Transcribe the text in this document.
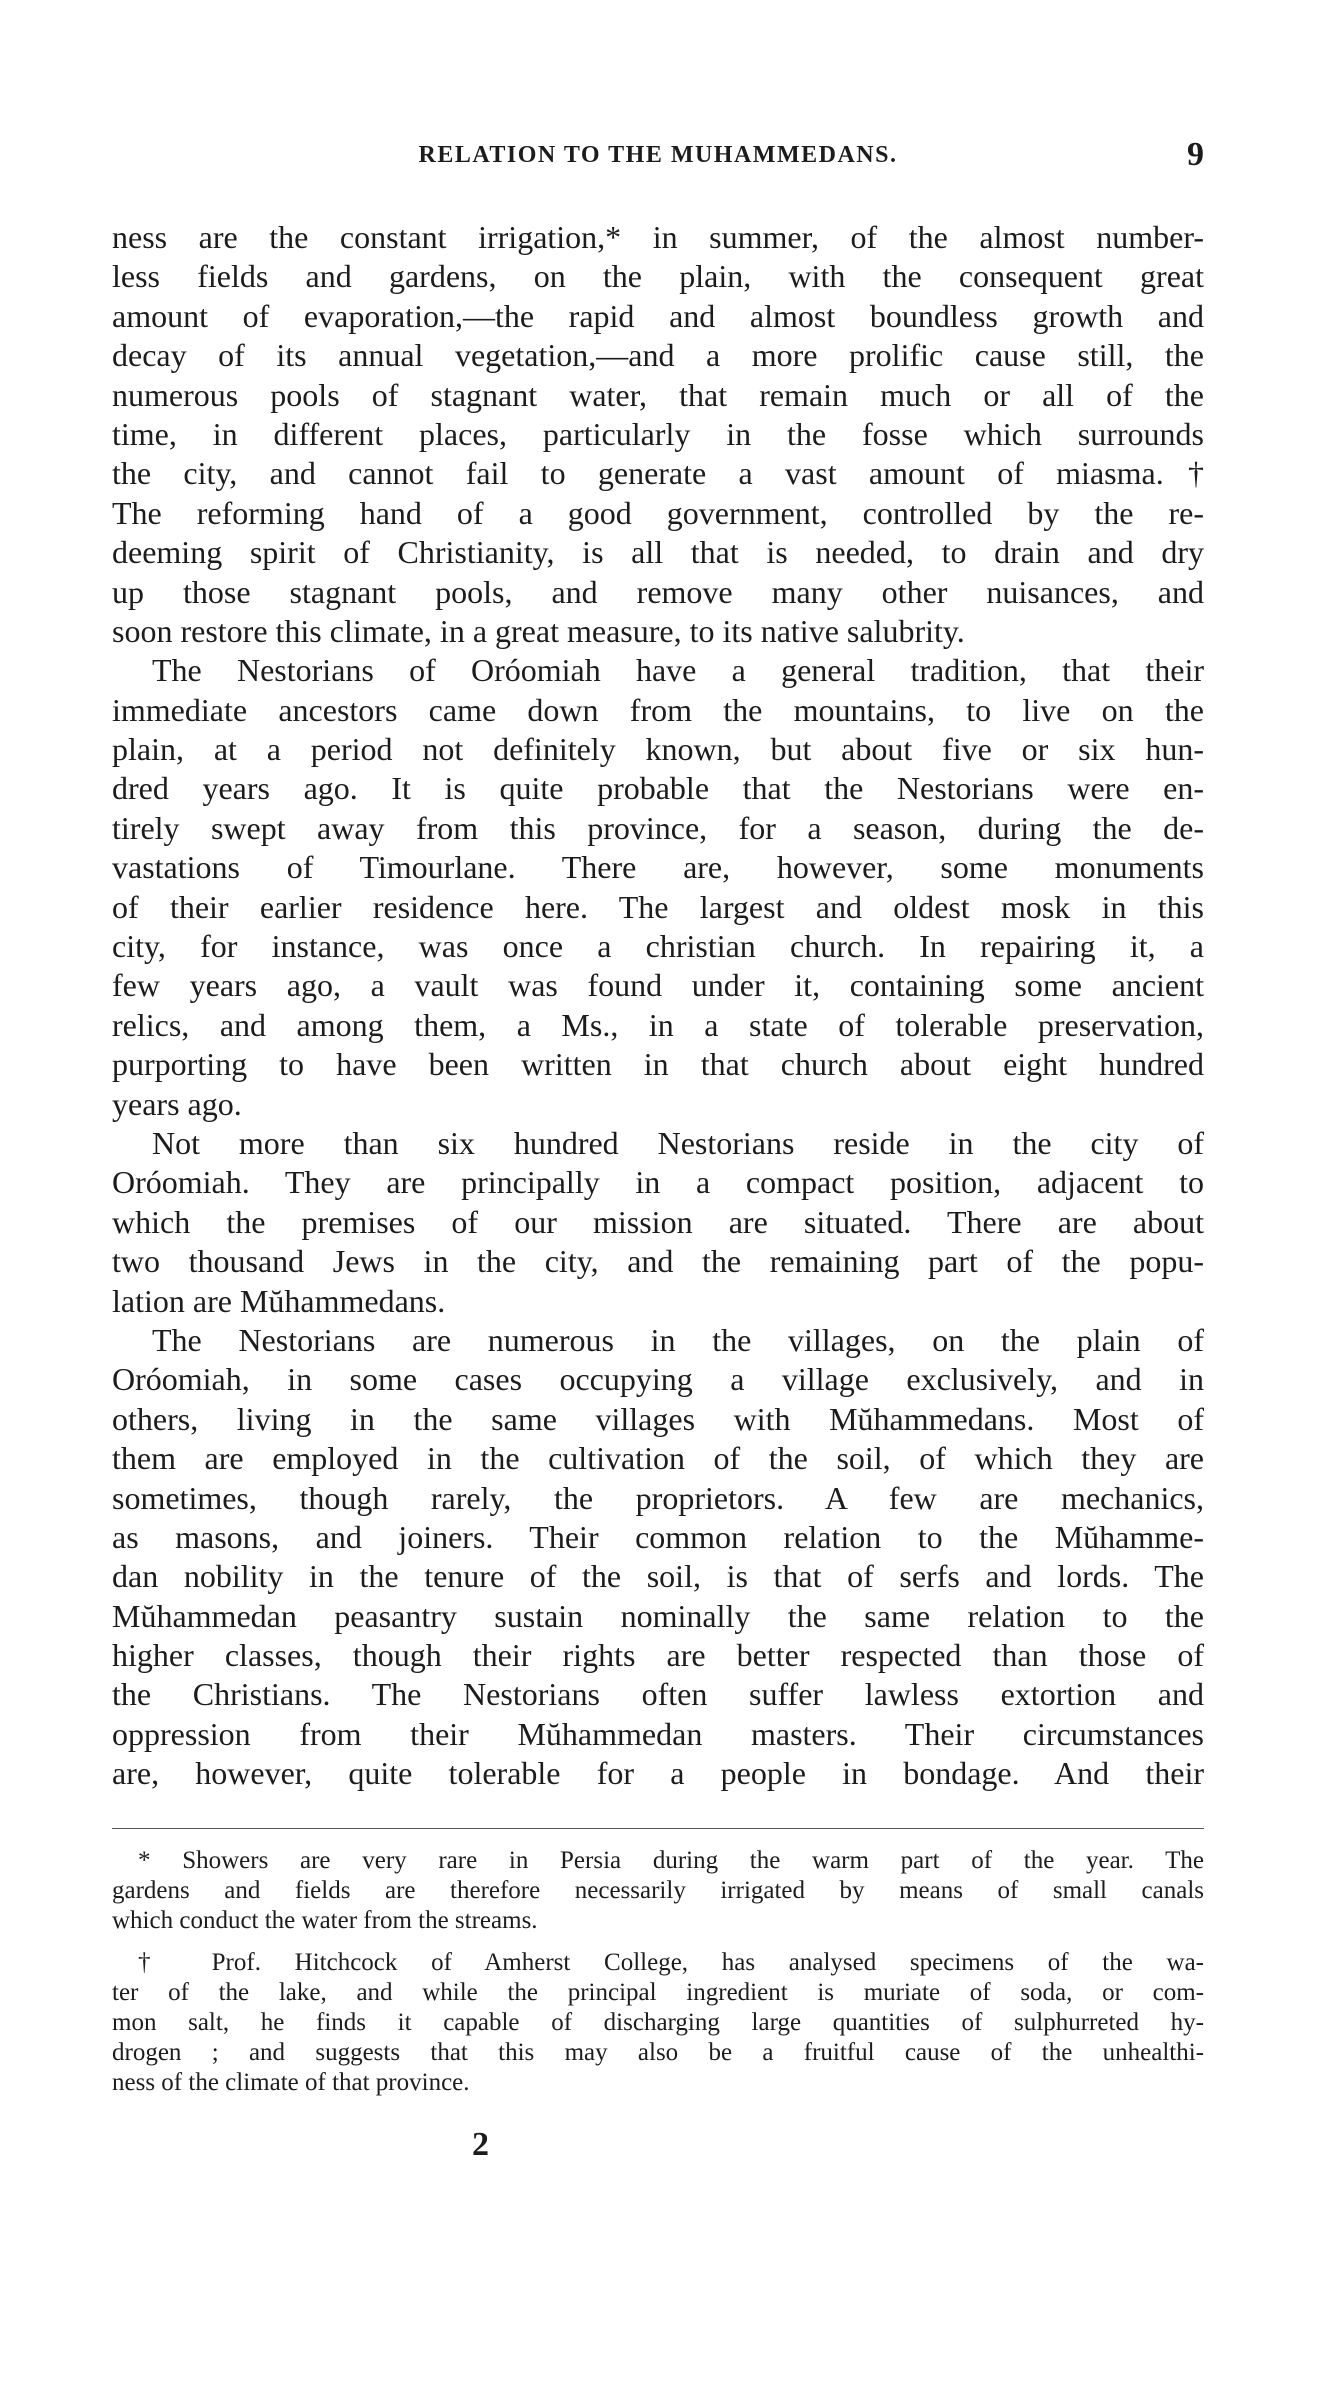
RELATION TO THE MUHAMMEDANS.	9
ness are the constant irrigation,* in summer, of the almost number-
less fields and gardens, on the plain, with the consequent great
amount of evaporation,—the rapid and almost boundless growth and
decay of its annual vegetation,—and a more prolific cause still, the
numerous pools of stagnant water, that remain much or all of the
time, in different places, particularly in the fosse which surrounds
the city, and cannot fail to generate a vast amount of miasma.†
The reforming hand of a good government, controlled by the re-
deeming spirit of Christianity, is all that is needed, to drain and dry
up those stagnant pools, and remove many other nuisances, and
soon restore this climate, in a great measure, to its native salubrity.
The Nestorians of Oróomiah have a general tradition, that their
immediate ancestors came down from the mountains, to live on the
plain, at a period not definitely known, but about five or six hun-
dred years ago. It is quite probable that the Nestorians were en-
tirely swept away from this province, for a season, during the de-
vastations of Timourlane. There are, however, some monuments
of their earlier residence here. The largest and oldest mosk in this
city, for instance, was once a christian church. In repairing it, a
few years ago, a vault was found under it, containing some ancient
relics, and among them, a Ms., in a state of tolerable preservation,
purporting to have been written in that church about eight hundred
years ago.
Not more than six hundred Nestorians reside in the city of
Oróomiah. They are principally in a compact position, adjacent to
which the premises of our mission are situated. There are about
two thousand Jews in the city, and the remaining part of the popu-
lation are Mŭhammedans.
The Nestorians are numerous in the villages, on the plain of
Oróomiah, in some cases occupying a village exclusively, and in
others, living in the same villages with Mŭhammedans. Most of
them are employed in the cultivation of the soil, of which they are
sometimes, though rarely, the proprietors. A few are mechanics,
as masons, and joiners. Their common relation to the Mŭhamme-
dan nobility in the tenure of the soil, is that of serfs and lords. The
Mŭhammedan peasantry sustain nominally the same relation to the
higher classes, though their rights are better respected than those of
the Christians. The Nestorians often suffer lawless extortion and
oppression from their Mŭhammedan masters. Their circumstances
are, however, quite tolerable for a people in bondage. And their
* Showers are very rare in Persia during the warm part of the year. The
gardens and fields are therefore necessarily irrigated by means of small canals
which conduct the water from the streams.
† Prof. Hitchcock of Amherst College, has analysed specimens of the wa-
ter of the lake, and while the principal ingredient is muriate of soda, or com-
mon salt, he finds it capable of discharging large quantities of sulphurreted hy-
drogen ; and suggests that this may also be a fruitful cause of the unhealthi-
ness of the climate of that province.
2
